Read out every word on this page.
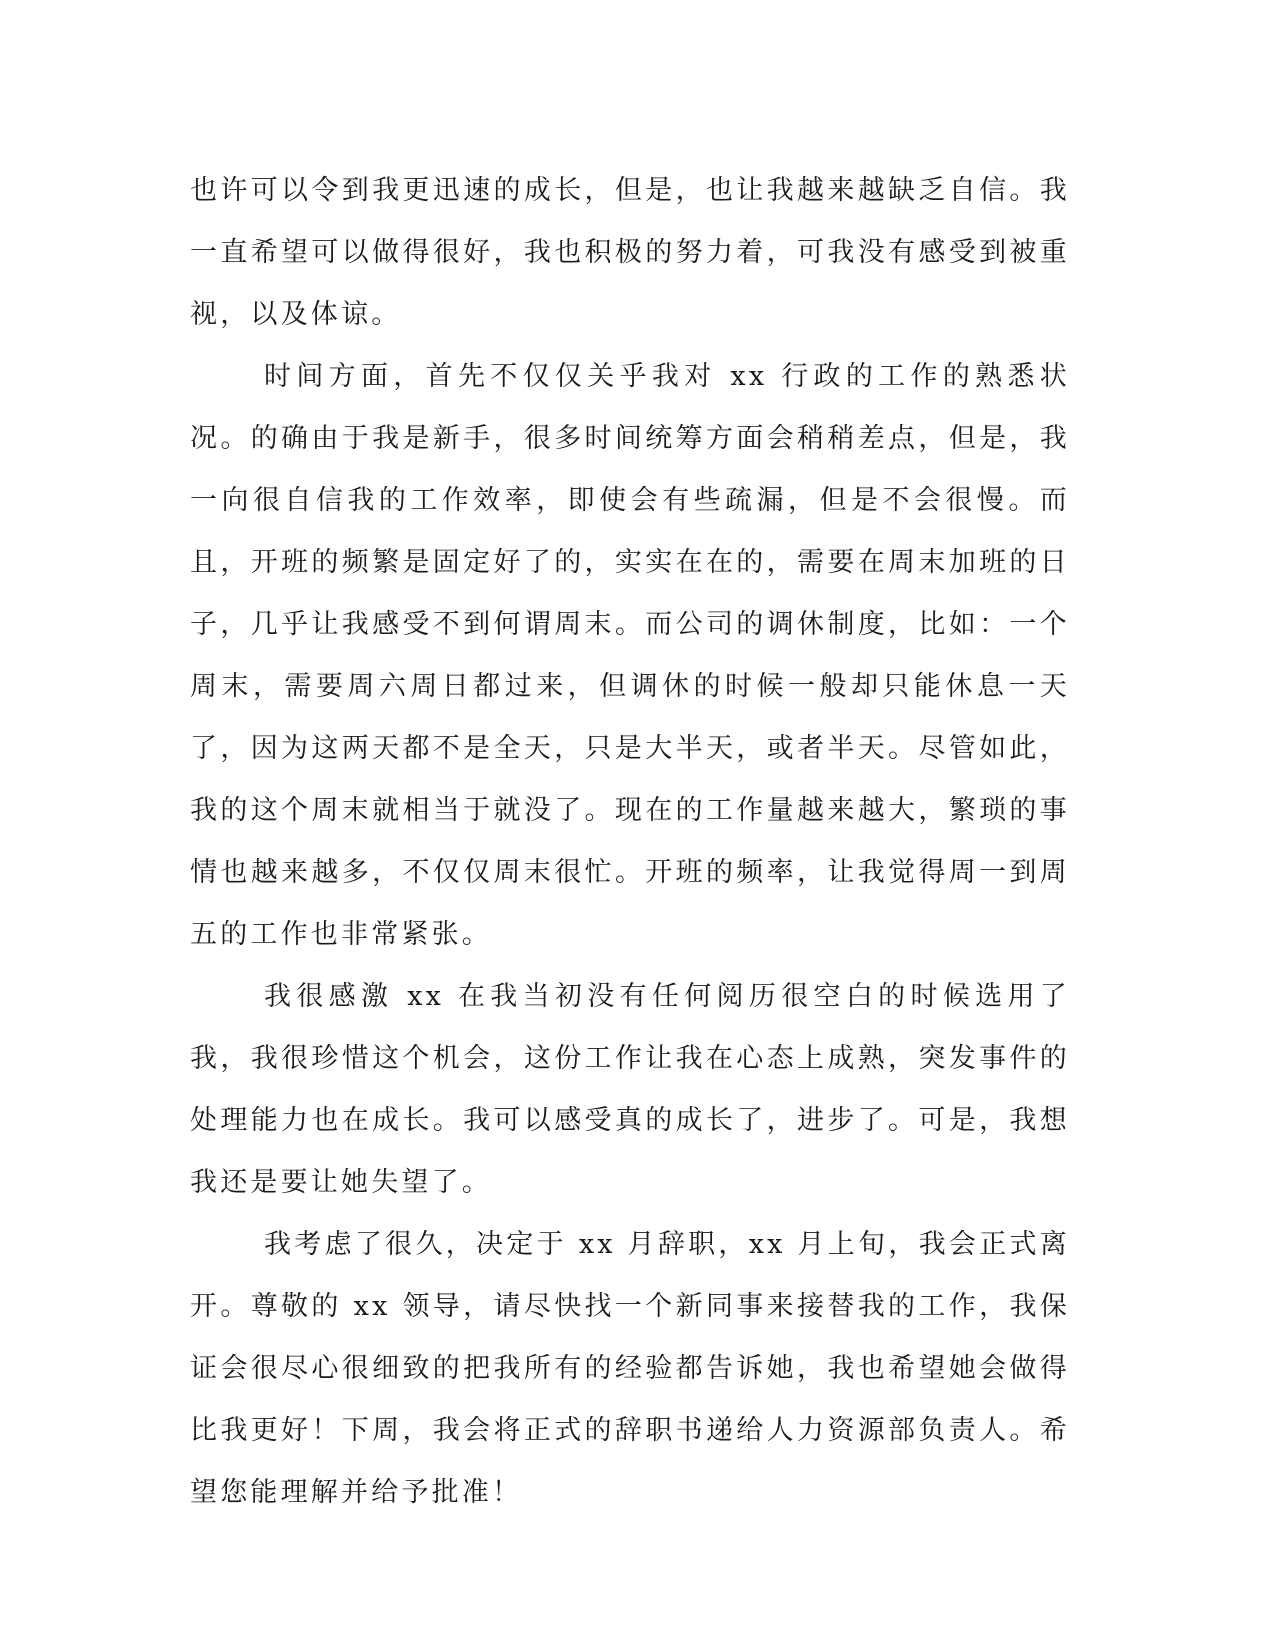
也许可以令到我更迅速的成长，但是，也让我越来越缺乏自信。我一直希望可以做得很好，我也积极的努力着，可我没有感受到被重视，以及体谅。

时间方面，首先不仅仅关乎我对 xx 行政的工作的熟悉状况。的确由于我是新手，很多时间统筹方面会稍稍差点，但是，我一向很自信我的工作效率，即使会有些疏漏，但是不会很慢。而且，开班的频繁是固定好了的，实实在在的，需要在周末加班的日子，几乎让我感受不到何谓周末。而公司的调休制度，比如：一个周末，需要周六周日都过来，但调休的时候一般却只能休息一天了，因为这两天都不是全天，只是大半天，或者半天。尽管如此，我的这个周末就相当于就没了。现在的工作量越来越大，繁琐的事情也越来越多，不仅仅周末很忙。开班的频率，让我觉得周一到周五的工作也非常紧张。

我很感激 xx 在我当初没有任何阅历很空白的时候选用了我，我很珍惜这个机会，这份工作让我在心态上成熟，突发事件的处理能力也在成长。我可以感受真的成长了，进步了。可是，我想我还是要让她失望了。

我考虑了很久，决定于 xx 月辞职，xx 月上旬，我会正式离开。尊敬的 xx 领导，请尽快找一个新同事来接替我的工作，我保证会很尽心很细致的把我所有的经验都告诉她，我也希望她会做得比我更好！下周，我会将正式的辞职书递给人力资源部负责人。希望您能理解并给予批准！
